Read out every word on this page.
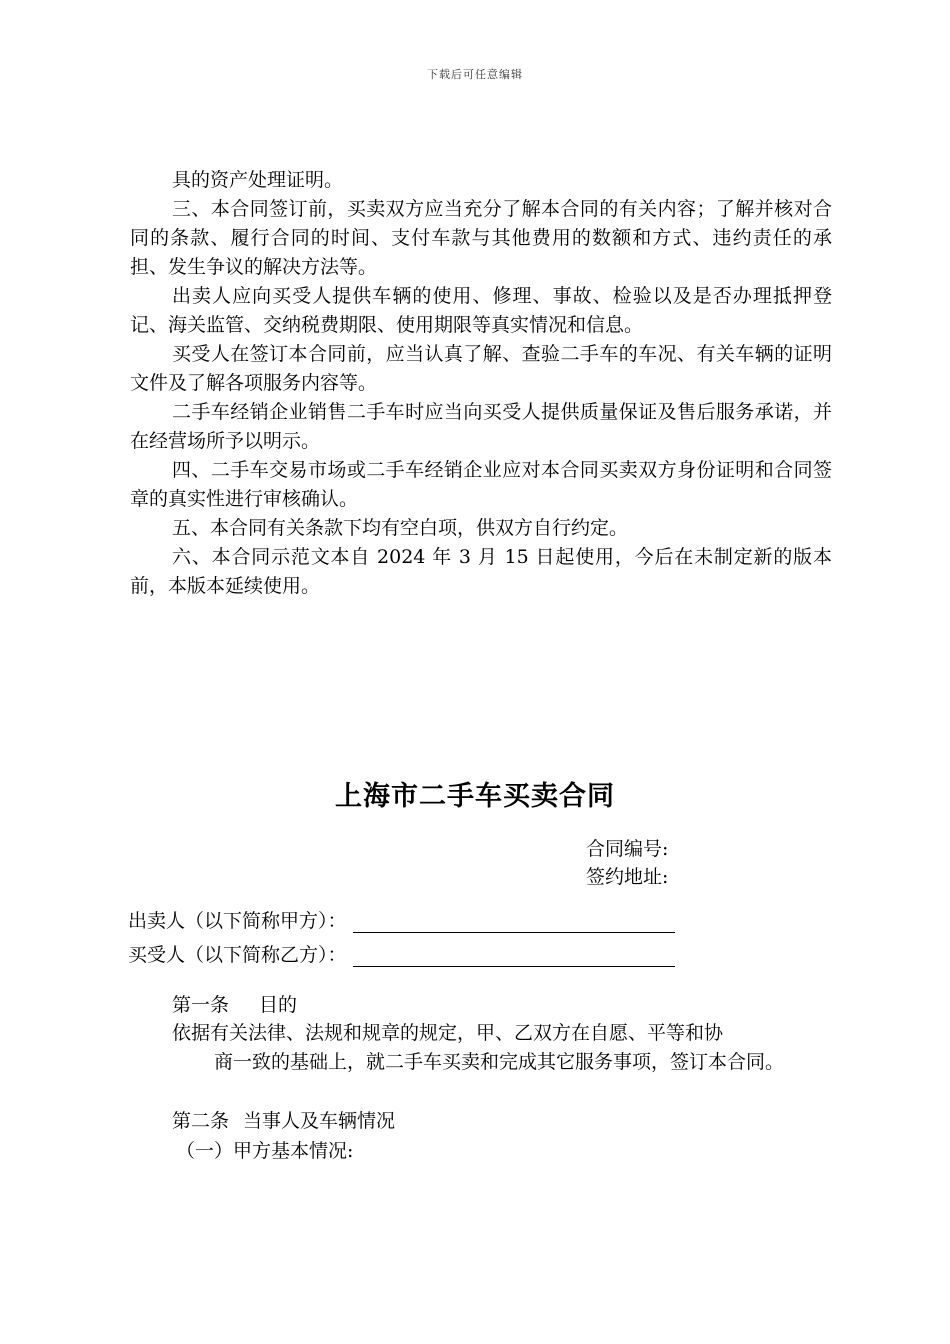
下载后可任意编辑

具的资产处理证明。

三、本合同签订前，买卖双方应当充分了解本合同的有关内容；了解并核对合同的条款、履行合同的时间、支付车款与其他费用的数额和方式、违约责任的承担、发生争议的解决方法等。

出卖人应向买受人提供车辆的使用、修理、事故、检验以及是否办理抵押登记、海关监管、交纳税费期限、使用期限等真实情况和信息。

买受人在签订本合同前，应当认真了解、查验二手车的车况、有关车辆的证明文件及了解各项服务内容等。

二手车经销企业销售二手车时应当向买受人提供质量保证及售后服务承诺，并在经营场所予以明示。

四、二手车交易市场或二手车经销企业应对本合同买卖双方身份证明和合同签章的真实性进行审核确认。

五、本合同有关条款下均有空白项，供双方自行约定。

六、本合同示范文本自 2024 年 3 月 15 日起使用，今后在未制定新的版本前，本版本延续使用。

上海市二手车买卖合同
合同编号:
签约地址:
出卖人（以下简称甲方）：
买受人（以下简称乙方）：
第一条 目的

依据有关法律、法规和规章的规定，甲、乙双方在自愿、平等和协

商一致的基础上，就二手车买卖和完成其它服务事项，签订本合同。

第二条 当事人及车辆情况
（一）甲方基本情况:
